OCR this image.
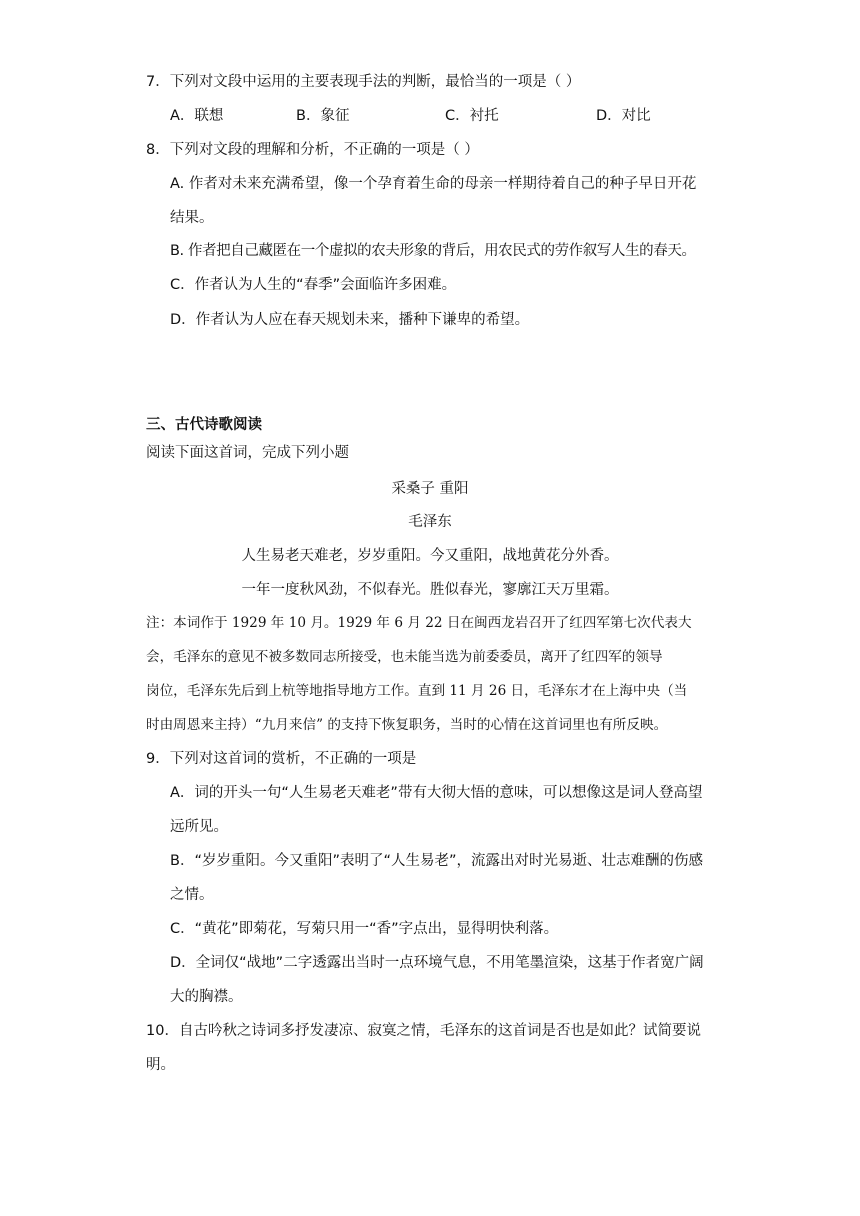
7．下列对文段中运用的主要表现手法的判断，最恰当的一项是（ ）
A．联想	B．象征	C．衬托	D．对比
8．下列对文段的理解和分析，不正确的一项是（ ）
A. 作者对未来充满希望，像一个孕育着生命的母亲一样期待着自己的种子早日开花
结果。
B. 作者把自己藏匿在一个虚拟的农夫形象的背后，用农民式的劳作叙写人生的春天。
C．作者认为人生的“春季”会面临许多困难。
D．作者认为人应在春天规划未来，播种下谦卑的希望。
三、古代诗歌阅读
阅读下面这首词，完成下列小题
采桑子 重阳
毛泽东
人生易老天难老，岁岁重阳。今又重阳，战地黄花分外香。
一年一度秋风劲，不似春光。胜似春光，寥廓江天万里霜。
注：本词作于 1929 年 10 月。1929 年 6 月 22 日在闽西龙岩召开了红四军第七次代表大
会，毛泽东的意见不被多数同志所接受，也未能当选为前委委员，离开了红四军的领导
岗位，毛泽东先后到上杭等地指导地方工作。直到 11 月 26 日，毛泽东才在上海中央（当
时由周恩来主持）“九月来信” 的支持下恢复职务，当时的心情在这首词里也有所反映。
9．下列对这首词的赏析，不正确的一项是
A．词的开头一句“人生易老天难老”带有大彻大悟的意味，可以想像这是词人登高望
远所见。
B．“岁岁重阳。今又重阳”表明了“人生易老”，流露出对时光易逝、壮志难酬的伤感
之情。
C．“黄花”即菊花，写菊只用一“香”字点出，显得明快利落。
D．全词仅“战地”二字透露出当时一点环境气息，不用笔墨渲染，这基于作者宽广阔
大的胸襟。
10．自古吟秋之诗词多抒发凄凉、寂寞之情，毛泽东的这首词是否也是如此？试简要说
明。
